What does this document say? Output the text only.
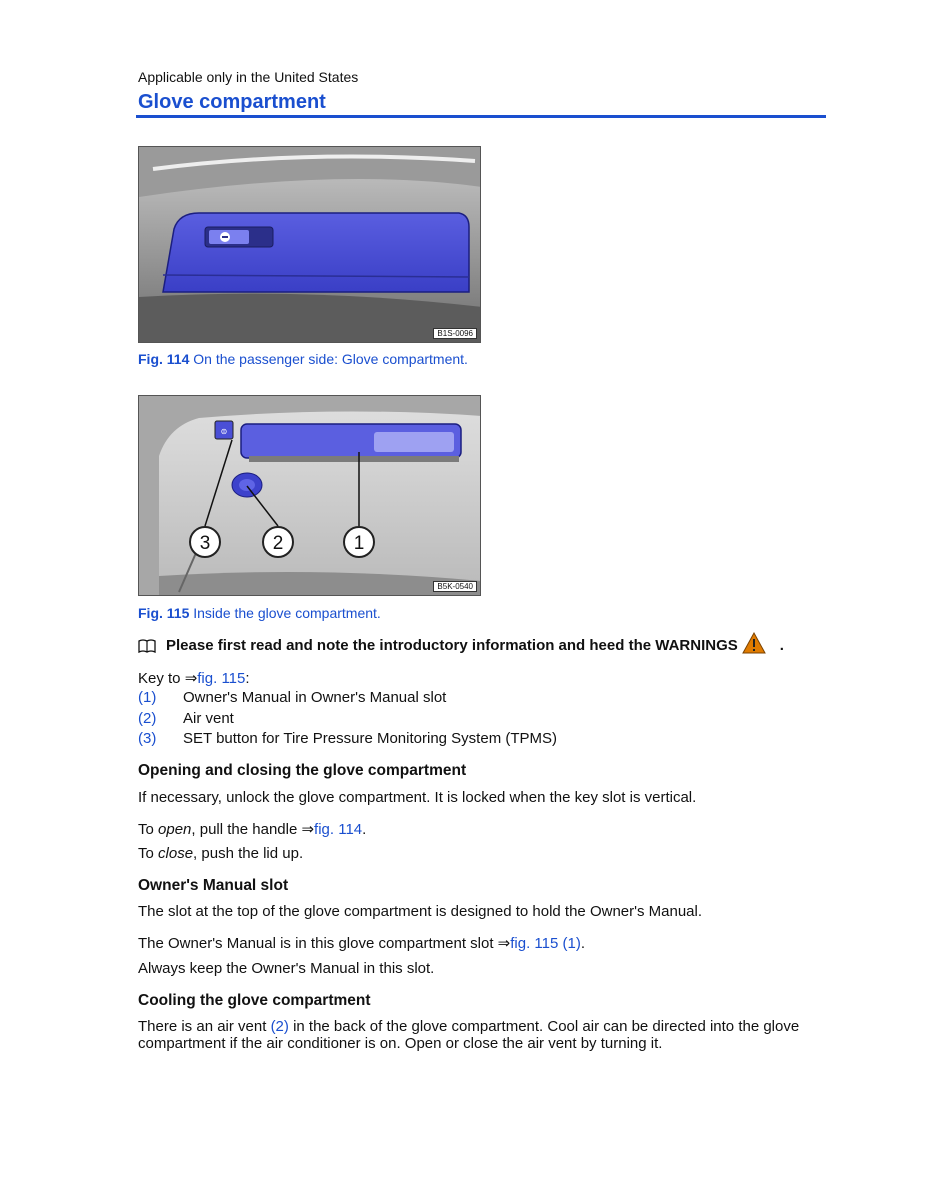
Applicable only in the United States
Glove compartment
B1S-0096
Fig. 114 On the passenger side: Glove compartment.
⊜
3	2	1
B5K-0540
Fig. 115 Inside the glove compartment.
Please first read and note the introductory information and heed the WARNINGS	.
Key to ⇒fig. 115:
(1)	Owner's Manual in Owner's Manual slot
(2)	Air vent
(3)	SET button for Tire Pressure Monitoring System (TPMS)
Opening and closing the glove compartment
If necessary, unlock the glove compartment. It is locked when the key slot is vertical.
To open, pull the handle ⇒fig. 114.
To close, push the lid up.
Owner's Manual slot
The slot at the top of the glove compartment is designed to hold the Owner's Manual.
The Owner's Manual is in this glove compartment slot ⇒fig. 115 (1).
Always keep the Owner's Manual in this slot.
Cooling the glove compartment
There is an air vent (2) in the back of the glove compartment. Cool air can be directed into the glove
compartment if the air conditioner is on. Open or close the air vent by turning it.
